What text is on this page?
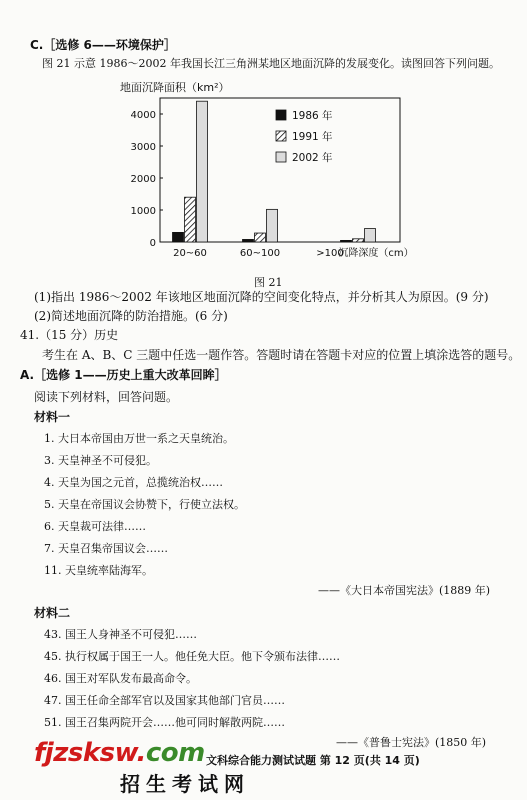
C.［选修 6——环境保护］
图 21 示意 1986～2002 年我国长江三角洲某地区地面沉降的发展变化。读图回答下列问题。
地面沉降面积（km²）
0
1000
2000
3000
4000
20~60	60~100	>100
沉降深度（cm）
1986 年
1991 年
2002 年
图 21
(1)指出 1986～2002 年该地区地面沉降的空间变化特点，并分析其人为原因。(9 分)
(2)简述地面沉降的防治措施。(6 分)
41.（15 分）历史
考生在 A、B、C 三题中任选一题作答。答题时请在答题卡对应的位置上填涂选答的题号。
A.［选修 1——历史上重大改革回眸］
阅读下列材料，回答问题。
材料一
1. 大日本帝国由万世一系之天皇统治。
3. 天皇神圣不可侵犯。
4. 天皇为国之元首，总揽统治权……
5. 天皇在帝国议会协赞下，行使立法权。
6. 天皇裁可法律……
7. 天皇召集帝国议会……
11. 天皇统率陆海军。
——《大日本帝国宪法》(1889 年)
材料二
43. 国王人身神圣不可侵犯……
45. 执行权属于国王一人。他任免大臣。他下令颁布法律……
46. 国王对军队发布最高命令。
47. 国王任命全部军官以及国家其他部门官员……
51. 国王召集两院开会……他可同时解散两院……
——《普鲁士宪法》(1850 年)
文科综合能力测试试题 第 12 页(共 14 页)
fjzsksw.com
招生考试网
